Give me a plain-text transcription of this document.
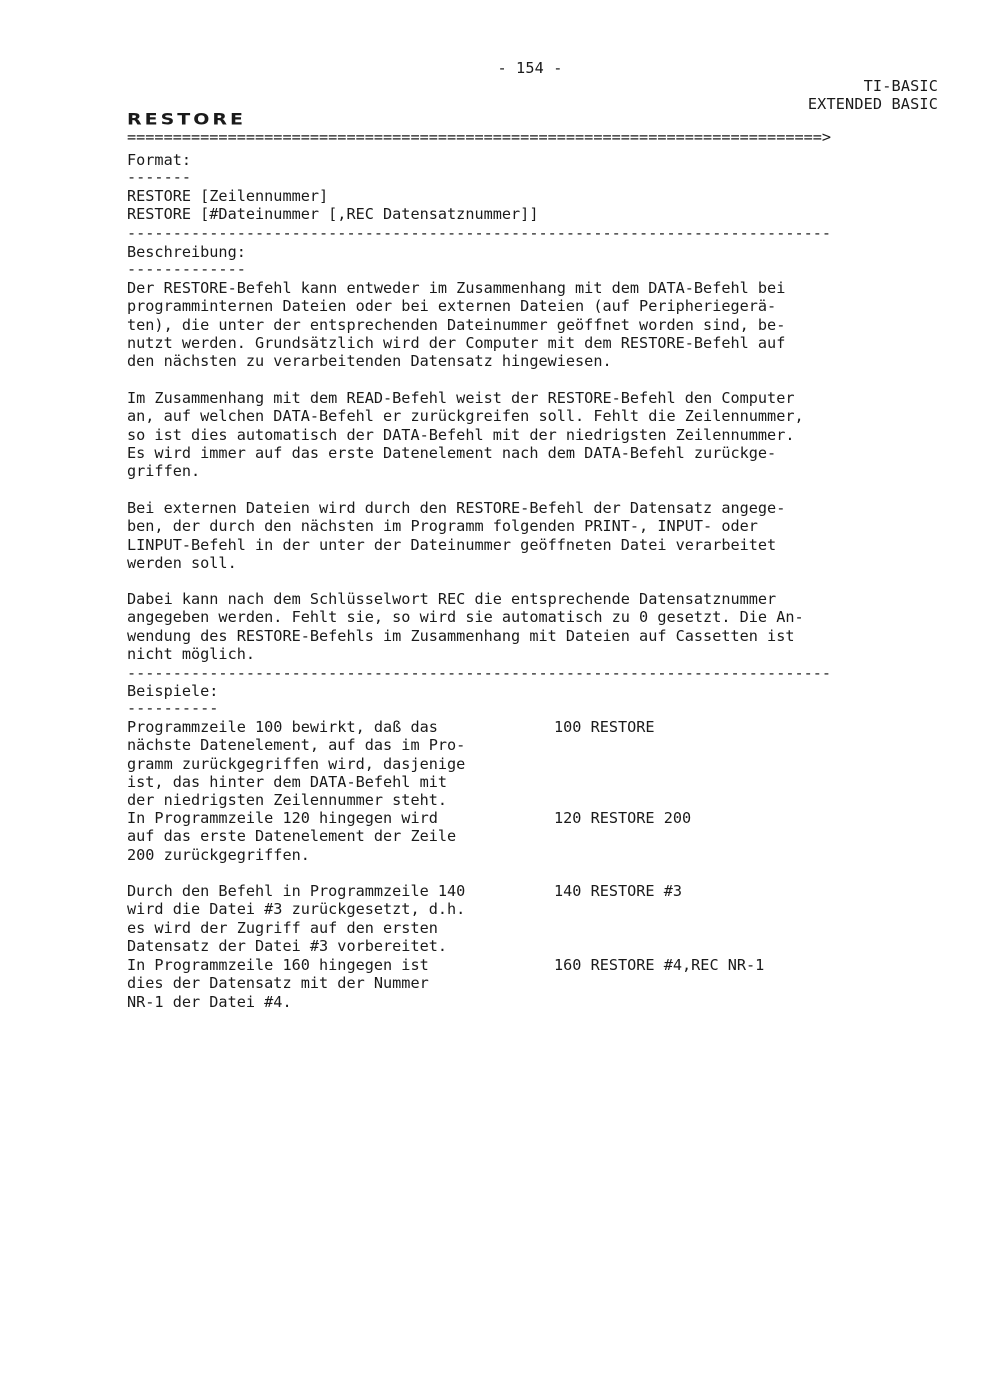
- 154 -
TI-BASIC
EXTENDED BASIC
RESTORE
============================================================================>
Format:
-------
RESTORE [Zeilennummer]
RESTORE [#Dateinummer [,REC Datensatznummer]]
-----------------------------------------------------------------------------
Beschreibung:
-------------
Der RESTORE-Befehl kann entweder im Zusammenhang mit dem DATA-Befehl bei
programminternen Dateien oder bei externen Dateien (auf Peripheriegerä-
ten), die unter der entsprechenden Dateinummer geöffnet worden sind, be-
nutzt werden. Grundsätzlich wird der Computer mit dem RESTORE-Befehl auf
den nächsten zu verarbeitenden Datensatz hingewiesen.
Im Zusammenhang mit dem READ-Befehl weist der RESTORE-Befehl den Computer
an, auf welchen DATA-Befehl er zurückgreifen soll. Fehlt die Zeilennummer,
so ist dies automatisch der DATA-Befehl mit der niedrigsten Zeilennummer.
Es wird immer auf das erste Datenelement nach dem DATA-Befehl zurückge-
griffen.
Bei externen Dateien wird durch den RESTORE-Befehl der Datensatz angege-
ben, der durch den nächsten im Programm folgenden PRINT-, INPUT- oder
LINPUT-Befehl in der unter der Dateinummer geöffneten Datei verarbeitet
werden soll.
Dabei kann nach dem Schlüsselwort REC die entsprechende Datensatznummer
angegeben werden. Fehlt sie, so wird sie automatisch zu 0 gesetzt. Die An-
wendung des RESTORE-Befehls im Zusammenhang mit Dateien auf Cassetten ist
nicht möglich.
-----------------------------------------------------------------------------
Beispiele:
----------
Programmzeile 100 bewirkt, daß das
nächste Datenelement, auf das im Pro-
gramm zurückgegriffen wird, dasjenige
ist, das hinter dem DATA-Befehl mit
der niedrigsten Zeilennummer steht.
100 RESTORE
In Programmzeile 120 hingegen wird
auf das erste Datenelement der Zeile
200 zurückgegriffen.
120 RESTORE 200
Durch den Befehl in Programmzeile 140
wird die Datei #3 zurückgesetzt, d.h.
es wird der Zugriff auf den ersten
Datensatz der Datei #3 vorbereitet.
140 RESTORE #3
In Programmzeile 160 hingegen ist
dies der Datensatz mit der Nummer
NR-1 der Datei #4.
160 RESTORE #4,REC NR-1
